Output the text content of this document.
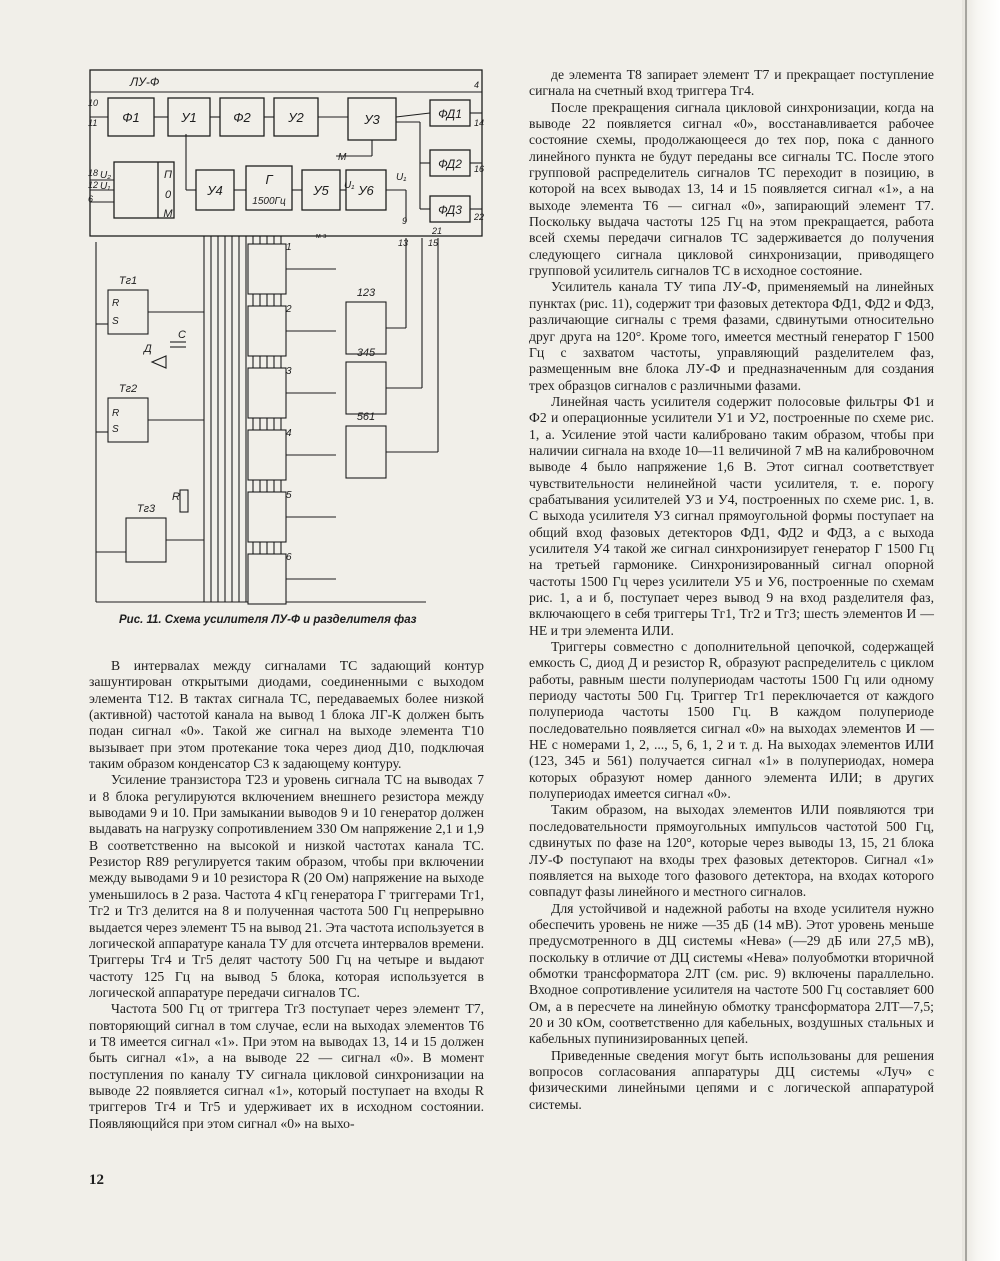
ЛУ-Ф
Ф1	У1	Ф2	У2	У3
П
0
М
У4	У5 У6
Г
1500Гц
ФД1
ФД2
ФД3
10
11
18
12
6
4
14
16
22
9
13 15
21
U₂
U₁
М
U₁
U₁
м-з
1
2
3
4
5
6
123
345
561
Тг1
Тг2
Тг3
R
S
R
S
С
Д
R
Рис. 11. Схема усилителя ЛУ-Ф и разделителя фаз

В интервалах между сигналами ТС задающий контур зашунтирован открытыми диодами, соединенными с выходом элемента Т12. В тактах сигнала ТС, передаваемых более низкой (активной) частотой канала на вывод 1 блока ЛГ-К должен быть подан сигнал «0». Такой же сигнал на выходе элемента Т10 вызывает при этом протекание тока через диод Д10, подключая таким образом конденсатор С3 к задающему контуру.

Усиление транзистора Т23 и уровень сигнала ТС на выводах 7 и 8 блока регулируются включением внешнего резистора между выводами 9 и 10. При замыкании выводов 9 и 10 генератор должен выдавать на нагрузку сопротивлением 330 Ом напряжение 2,1 и 1,9 В соответственно на высокой и низкой частотах канала ТС. Резистор R89 регулируется таким образом, чтобы при включении между выводами 9 и 10 резистора R (20 Ом) напряжение на выходе уменьшилось в 2 раза. Частота 4 кГц генератора Г триггерами Тг1, Тг2 и Тг3 делится на 8 и полученная частота 500 Гц непрерывно выдается через элемент Т5 на вывод 21. Эта частота используется в логической аппаратуре канала ТУ для отсчета интервалов времени. Триггеры Тг4 и Тг5 делят частоту 500 Гц на четыре и выдают частоту 125 Гц на вывод 5 блока, которая используется в логической аппаратуре передачи сигналов ТС.

Частота 500 Гц от триггера Тг3 поступает через элемент Т7, повторяющий сигнал в том случае, если на выходах элементов Т6 и Т8 имеется сигнал «1». При этом на выводах 13, 14 и 15 должен быть сигнал «1», а на выводе 22 — сигнал «0». В момент поступления по каналу ТУ сигнала цикловой синхронизации на выводе 22 появляется сигнал «1», который поступает на входы R триггеров Тг4 и Тг5 и удерживает их в исходном состоянии. Появляющийся при этом сигнал «0» на выхо-

де элемента Т8 запирает элемент Т7 и прекращает поступление сигнала на счетный вход триггера Тг4.

После прекращения сигнала цикловой синхронизации, когда на выводе 22 появляется сигнал «0», восстанавливается рабочее состояние схемы, продолжающееся до тех пор, пока с данного линейного пункта не будут переданы все сигналы ТС. После этого групповой распределитель сигналов ТС переходит в позицию, в которой на всех выводах 13, 14 и 15 появляется сигнал «1», а на выходе элемента Т6 — сигнал «0», запирающий элемент Т7. Поскольку выдача частоты 125 Гц на этом прекращается, работа всей схемы передачи сигналов ТС задерживается до получения следующего сигнала цикловой синхронизации, приводящего групповой усилитель сигналов ТС в исходное состояние.

Усилитель канала ТУ типа ЛУ-Ф, применяемый на линейных пунктах (рис. 11), содержит три фазовых детектора ФД1, ФД2 и ФД3, различающие сигналы с тремя фазами, сдвинутыми относительно друг друга на 120°. Кроме того, имеется местный генератор Г 1500 Гц с захватом частоты, управляющий разделителем фаз, размещенным вне блока ЛУ-Ф и предназначенным для создания трех образцов сигналов с различными фазами.

Линейная часть усилителя содержит полосовые фильтры Ф1 и Ф2 и операционные усилители У1 и У2, построенные по схеме рис. 1, а. Усиление этой части калибровано таким образом, чтобы при наличии сигнала на входе 10—11 величиной 7 мВ на калибровочном выводе 4 было напряжение 1,6 В. Этот сигнал соответствует чувствительности нелинейной части усилителя, т. е. порогу срабатывания усилителей У3 и У4, построенных по схеме рис. 1, в. С выхода усилителя У3 сигнал прямоугольной формы поступает на общий вход фазовых детекторов ФД1, ФД2 и ФД3, а с выхода усилителя У4 такой же сигнал синхронизирует генератор Г 1500 Гц на третьей гармонике. Синхронизированный сигнал опорной частоты 1500 Гц через усилители У5 и У6, построенные по схемам рис. 1, а и б, поступает через вывод 9 на вход разделителя фаз, включающего в себя триггеры Тг1, Тг2 и Тг3; шесть элементов И — НЕ и три элемента ИЛИ.

Триггеры совместно с дополнительной цепочкой, содержащей емкость С, диод Д и резистор R, образуют распределитель с циклом работы, равным шести полупериодам частоты 1500 Гц или одному периоду частоты 500 Гц. Триггер Тг1 переключается от каждого полупериода частоты 1500 Гц. В каждом полупериоде последовательно появляется сигнал «0» на выходах элементов И — НЕ с номерами 1, 2, ..., 5, 6, 1, 2 и т. д. На выходах элементов ИЛИ (123, 345 и 561) получается сигнал «1» в полупериодах, номера которых образуют номер данного элемента ИЛИ; в других полупериодах имеется сигнал «0».

Таким образом, на выходах элементов ИЛИ появляются три последовательности прямоугольных импульсов частотой 500 Гц, сдвинутых по фазе на 120°, которые через выводы 13, 15, 21 блока ЛУ-Ф поступают на входы трех фазовых детекторов. Сигнал «1» появляется на выходе того фазового детектора, на входах которого совпадут фазы линейного и местного сигналов.

Для устойчивой и надежной работы на входе усилителя нужно обеспечить уровень не ниже —35 дБ (14 мВ). Этот уровень меньше предусмотренного в ДЦ системы «Нева» (—29 дБ или 27,5 мВ), поскольку в отличие от ДЦ системы «Нева» полуобмотки вторичной обмотки трансформатора 2ЛТ (см. рис. 9) включены параллельно. Входное сопротивление усилителя на частоте 500 Гц составляет 600 Ом, а в пересчете на линейную обмотку трансформатора 2ЛТ—7,5; 20 и 30 кОм, соответственно для кабельных, воздушных стальных и кабельных пупинизированных цепей.

Приведенные сведения могут быть использованы для решения вопросов согласования аппаратуры ДЦ системы «Луч» с физическими линейными цепями и с логической аппаратурой системы.

12
